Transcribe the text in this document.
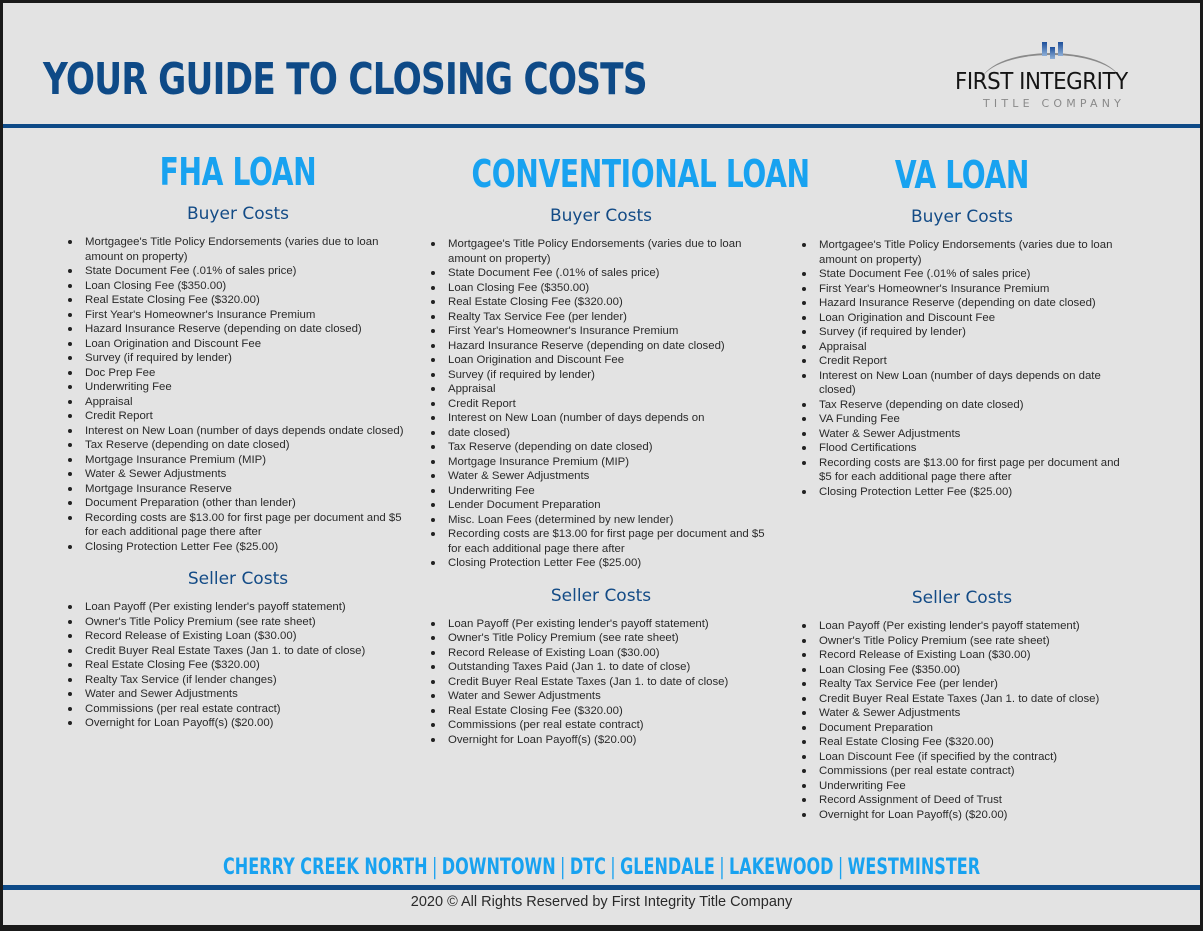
YOUR GUIDE TO CLOSING COSTS	FIRST INTEGRITY
TITLE COMPANY
FHA LOAN
Buyer Costs
Mortgagee's Title Policy Endorsements (varies due to loan amount on property)
State Document Fee (.01% of sales price)
Loan Closing Fee ($350.00)
Real Estate Closing Fee ($320.00)
First Year's Homeowner's Insurance Premium
Hazard Insurance Reserve (depending on date closed)
Loan Origination and Discount Fee
Survey (if required by lender)
Doc Prep Fee
Underwriting Fee
Appraisal
Credit Report
Interest on New Loan (number of days depends ondate closed)
Tax Reserve (depending on date closed)
Mortgage Insurance Premium (MIP)
Water & Sewer Adjustments
Mortgage Insurance Reserve
Document Preparation (other than lender)
Recording costs are $13.00 for first page per document and $5 for each additional page there after
Closing Protection Letter Fee ($25.00)
Seller Costs
Loan Payoff (Per existing lender's payoff statement)
Owner's Title Policy Premium (see rate sheet)
Record Release of Existing Loan ($30.00)
Credit Buyer Real Estate Taxes (Jan 1. to date of close)
Real Estate Closing Fee ($320.00)
Realty Tax Service (if lender changes)
Water and Sewer Adjustments
Commissions (per real estate contract)
Overnight for Loan Payoff(s) ($20.00)
CONVENTIONAL LOAN
Buyer Costs
Mortgagee's Title Policy Endorsements (varies due to loan amount on property)
State Document Fee (.01% of sales price)
Loan Closing Fee ($350.00)
Real Estate Closing Fee ($320.00)
Realty Tax Service Fee (per lender)
First Year's Homeowner's Insurance Premium
Hazard Insurance Reserve (depending on date closed)
Loan Origination and Discount Fee
Survey (if required by lender)
Appraisal
Credit Report
Interest on New Loan (number of days depends on
date closed)
Tax Reserve (depending on date closed)
Mortgage Insurance Premium (MIP)
Water & Sewer Adjustments
Underwriting Fee
Lender Document Preparation
Misc. Loan Fees (determined by new lender)
Recording costs are $13.00 for first page per document and $5 for each additional page there after
Closing Protection Letter Fee ($25.00)
Seller Costs
Loan Payoff (Per existing lender's payoff statement)
Owner's Title Policy Premium (see rate sheet)
Record Release of Existing Loan ($30.00)
Outstanding Taxes Paid (Jan 1. to date of close)
Credit Buyer Real Estate Taxes (Jan 1. to date of close)
Water and Sewer Adjustments
Real Estate Closing Fee ($320.00)
Commissions (per real estate contract)
Overnight for Loan Payoff(s) ($20.00)
VA LOAN
Buyer Costs
Mortgagee's Title Policy Endorsements (varies due to loan amount on property)
State Document Fee (.01% of sales price)
First Year's Homeowner's Insurance Premium
Hazard Insurance Reserve (depending on date closed)
Loan Origination and Discount Fee
Survey (if required by lender)
Appraisal
Credit Report
Interest on New Loan (number of days depends on date closed)
Tax Reserve (depending on date closed)
VA Funding Fee
Water & Sewer Adjustments
Flood Certifications
Recording costs are $13.00 for first page per document and $5 for each additional page there after
Closing Protection Letter Fee ($25.00)
Seller Costs
Loan Payoff (Per existing lender's payoff statement)
Owner's Title Policy Premium (see rate sheet)
Record Release of Existing Loan ($30.00)
Loan Closing Fee ($350.00)
Realty Tax Service Fee (per lender)
Credit Buyer Real Estate Taxes (Jan 1. to date of close)
Water & Sewer Adjustments
Document Preparation
Real Estate Closing Fee ($320.00)
Loan Discount Fee (if specified by the contract)
Commissions (per real estate contract)
Underwriting Fee
Record Assignment of Deed of Trust
Overnight for Loan Payoff(s) ($20.00)
CHERRY CREEK NORTH | DOWNTOWN | DTC | GLENDALE | LAKEWOOD | WESTMINSTER
2020 © All Rights Reserved by First Integrity Title Company
